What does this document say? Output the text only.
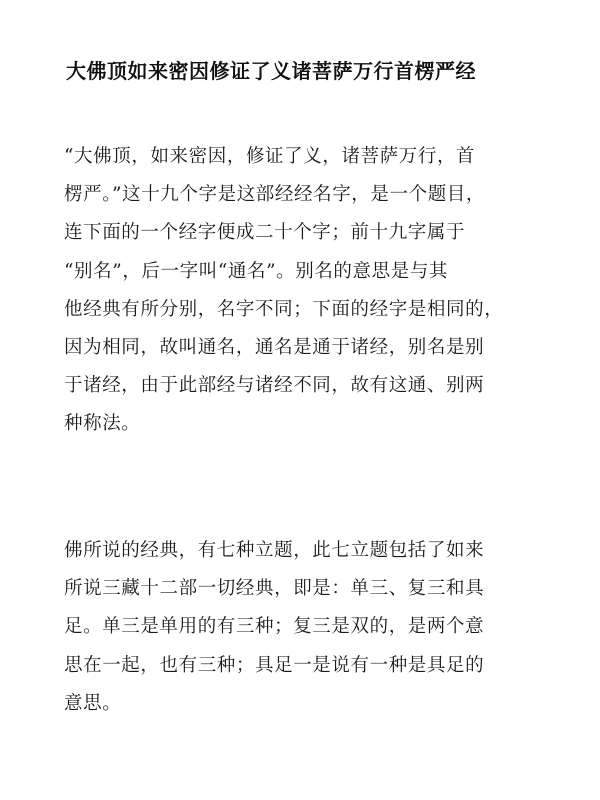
大佛顶如来密因修证了义诸菩萨万行首楞严经
“大佛顶，如来密因，修证了义，诸菩萨万行，首
楞严。”这十九个字是这部经经名字，是一个题目，
连下面的一个经字便成二十个字；前十九字属于
“别名”，后一字叫“通名”。别名的意思是与其
他经典有所分别，名字不同；下面的经字是相同的，
因为相同，故叫通名，通名是通于诸经，别名是别
于诸经，由于此部经与诸经不同，故有这通、别两
种称法。
佛所说的经典，有七种立题，此七立题包括了如来
所说三藏十二部一切经典，即是：单三、复三和具
足。单三是单用的有三种；复三是双的，是两个意
思在一起，也有三种；具足一是说有一种是具足的
意思。
